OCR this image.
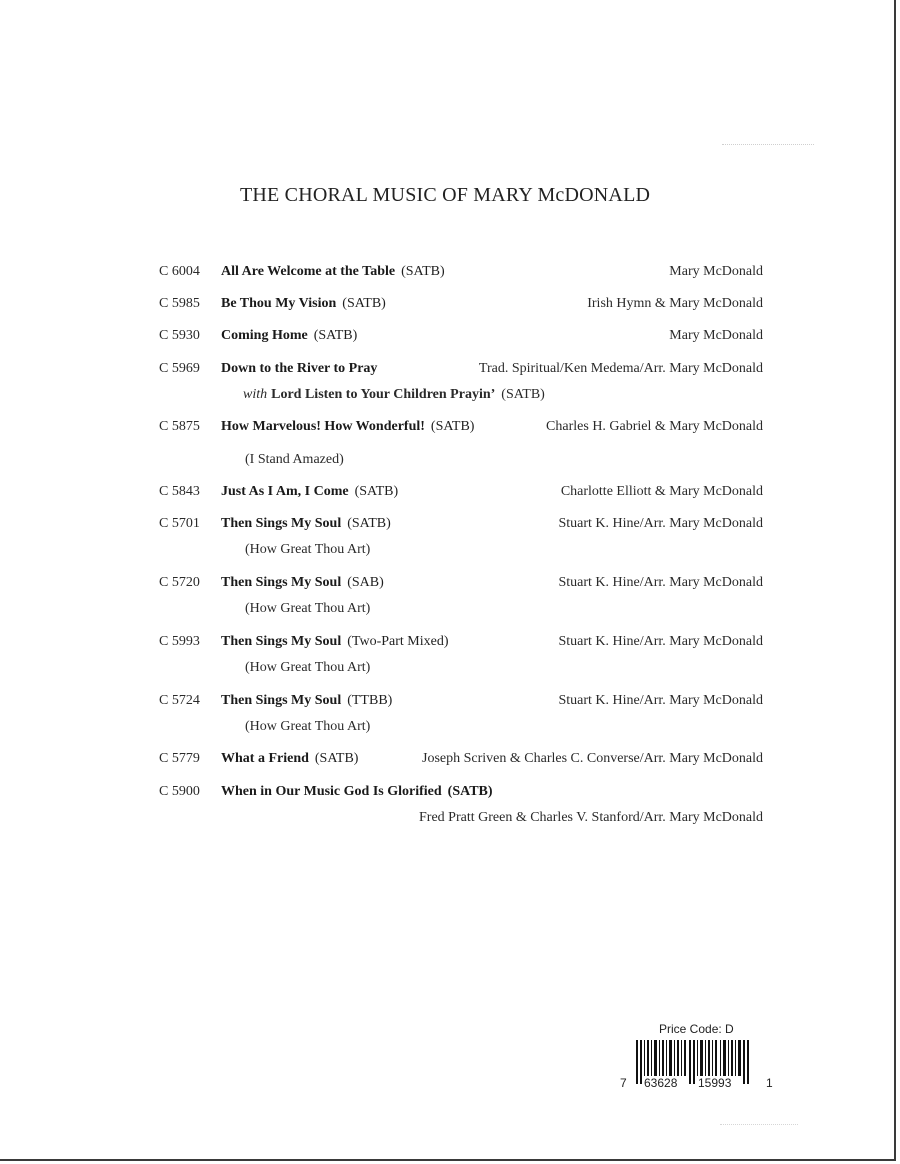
THE CHORAL MUSIC OF MARY McDONALD
C 6004 All Are Welcome at the Table (SATB)	Mary McDonald
C 5985 Be Thou My Vision (SATB)	Irish Hymn & Mary McDonald
C 5930 Coming Home (SATB)	Mary McDonald
C 5969 Down to the River to Pray	Trad. Spiritual/Ken Medema/Arr. Mary McDonald
with Lord Listen to Your Children Prayin’ (SATB)
C 5875 How Marvelous! How Wonderful! (SATB)	Charles H. Gabriel & Mary McDonald
(I Stand Amazed)
C 5843 Just As I Am, I Come (SATB)	Charlotte Elliott & Mary McDonald
C 5701 Then Sings My Soul (SATB)	Stuart K. Hine/Arr. Mary McDonald
(How Great Thou Art)
C 5720 Then Sings My Soul (SAB)	Stuart K. Hine/Arr. Mary McDonald
(How Great Thou Art)
C 5993 Then Sings My Soul (Two-Part Mixed)	Stuart K. Hine/Arr. Mary McDonald
(How Great Thou Art)
C 5724 Then Sings My Soul (TTBB)	Stuart K. Hine/Arr. Mary McDonald
(How Great Thou Art)
C 5779 What a Friend (SATB)	Joseph Scriven & Charles C. Converse/Arr. Mary McDonald
C 5900 When in Our Music God Is Glorified (SATB)
Fred Pratt Green & Charles V. Stanford/Arr. Mary McDonald
Price Code: D
7 63628 15993	1
